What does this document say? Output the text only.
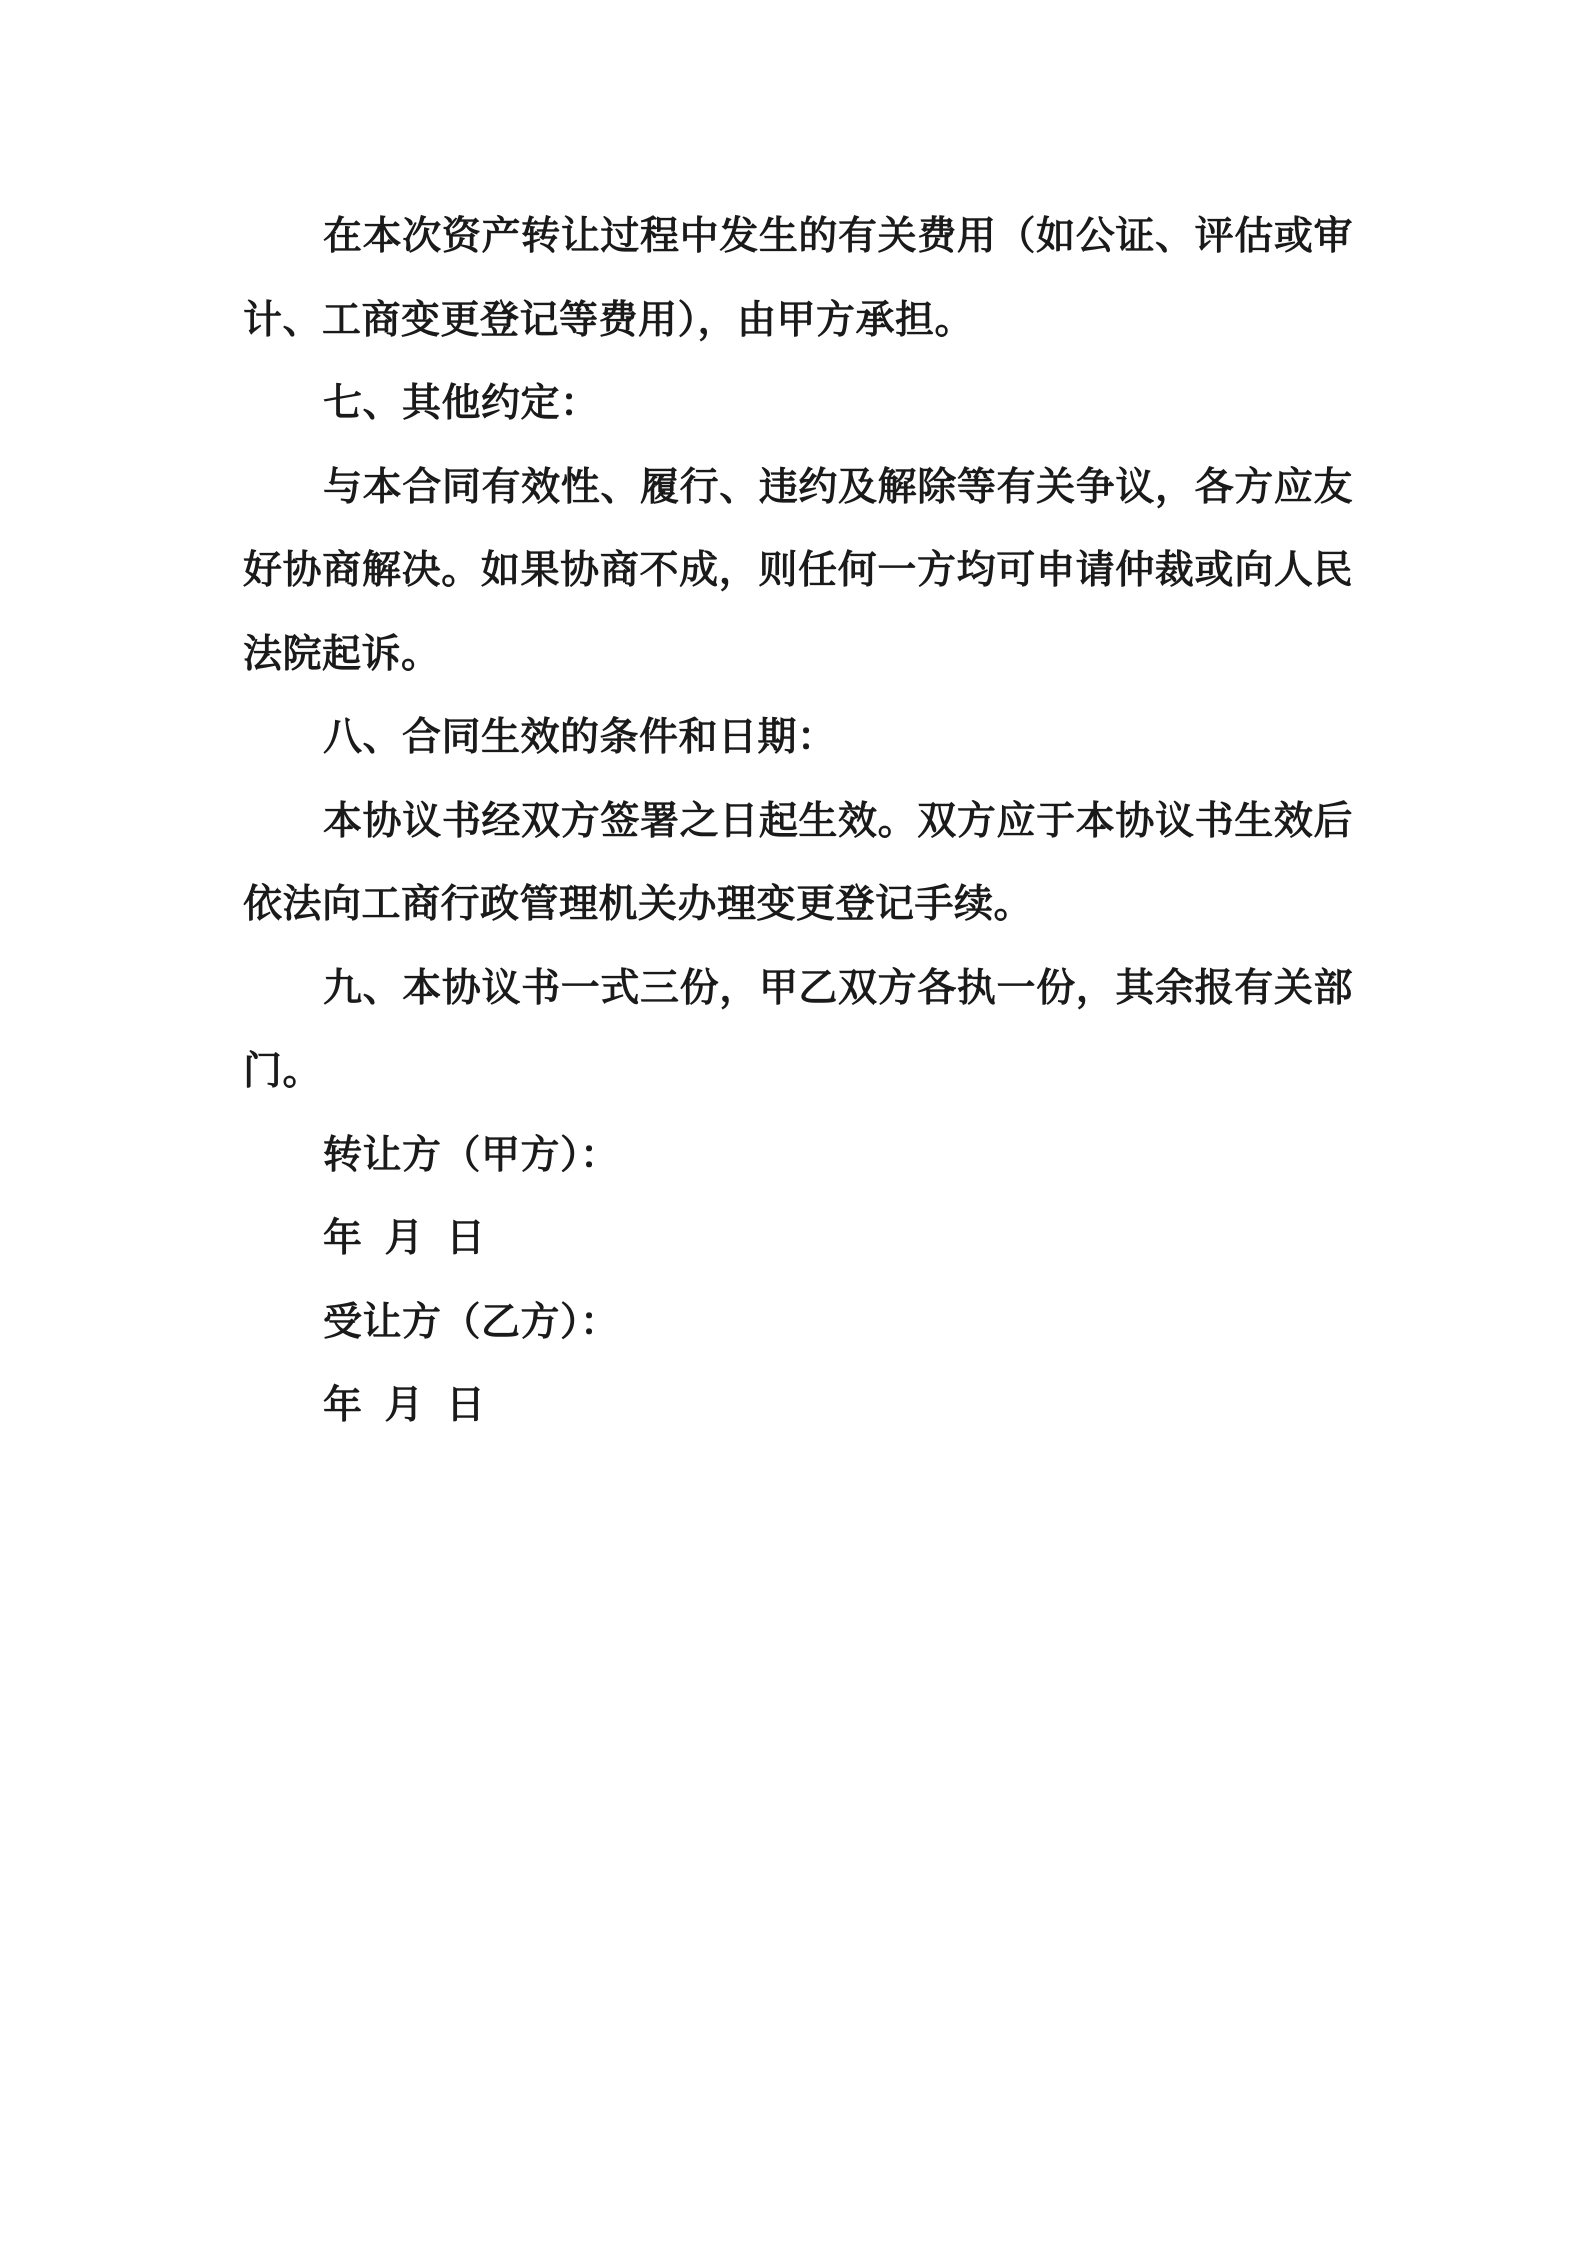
在本次资产转让过程中发生的有关费用（如公证、评估或审计、工商变更登记等费用），由甲方承担。

七、其他约定：

与本合同有效性、履行、违约及解除等有关争议，各方应友好协商解决。如果协商不成，则任何一方均可申请仲裁或向人民法院起诉。

八、合同生效的条件和日期：

本协议书经双方签署之日起生效。双方应于本协议书生效后依法向工商行政管理机关办理变更登记手续。

九、本协议书一式三份，甲乙双方各执一份，其余报有关部门。

转让方（甲方）：

年 月 日

受让方（乙方）：

年 月 日
